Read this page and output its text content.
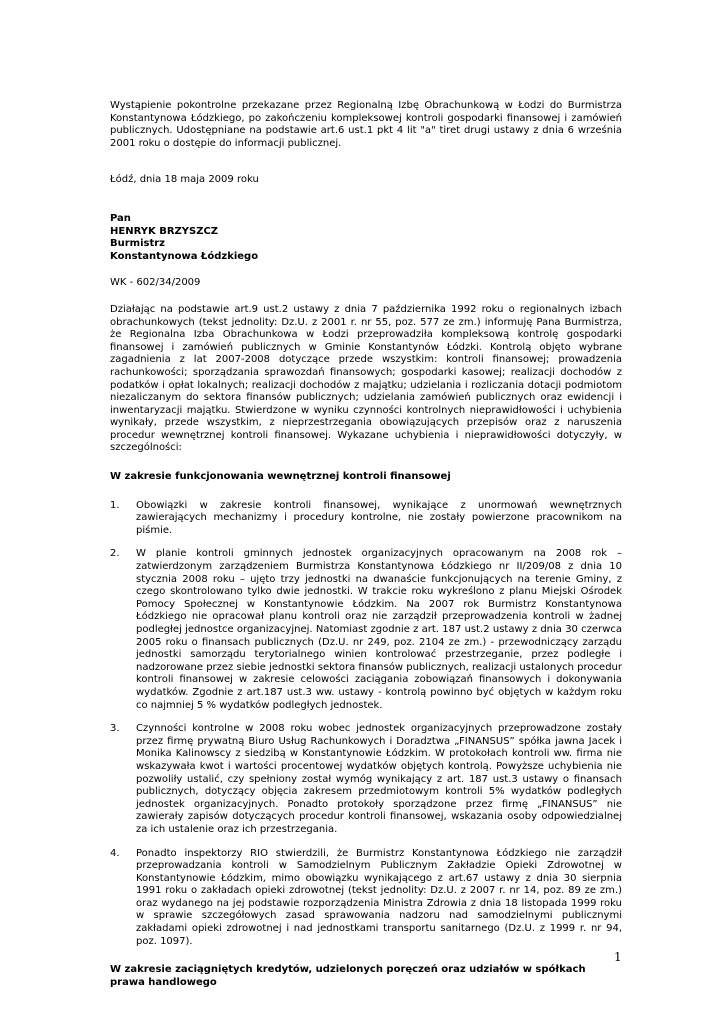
Wystąpienie pokontrolne przekazane przez Regionalną Izbę Obrachunkową w Łodzi do Burmistrza Konstantynowa Łódzkiego, po zakończeniu kompleksowej kontroli gospodarki finansowej i zamówień publicznych. Udostępniane na podstawie art.6 ust.1 pkt 4 lit "a" tiret drugi ustawy z dnia 6 września 2001 roku o dostępie do informacji publicznej.

Łódź, dnia 18 maja 2009 roku

Pan

HENRYK BRZYSZCZ

Burmistrz

Konstantynowa Łódzkiego

WK - 602/34/2009

Działając na podstawie art.9 ust.2 ustawy z dnia 7 października 1992 roku o regionalnych izbach obrachunkowych (tekst jednolity: Dz.U. z 2001 r. nr 55, poz. 577 ze zm.) informuję Pana Burmistrza, że Regionalna Izba Obrachunkowa w Łodzi przeprowadziła kompleksową kontrolę gospodarki finansowej i zamówień publicznych w Gminie Konstantynów Łódzki. Kontrolą objęto wybrane zagadnienia z lat 2007-2008 dotyczące przede wszystkim: kontroli finansowej; prowadzenia rachunkowości; sporządzania sprawozdań finansowych; gospodarki kasowej; realizacji dochodów z podatków i opłat lokalnych; realizacji dochodów z majątku; udzielania i rozliczania dotacji podmiotom niezaliczanym do sektora finansów publicznych; udzielania zamówień publicznych oraz ewidencji i inwentaryzacji majątku. Stwierdzone w wyniku czynności kontrolnych nieprawidłowości i uchybienia wynikały, przede wszystkim, z nieprzestrzegania obowiązujących przepisów oraz z naruszenia procedur wewnętrznej kontroli finansowej. Wykazane uchybienia i nieprawidłowości dotyczyły, w szczególności:

W zakresie funkcjonowania wewnętrznej kontroli finansowej

1.	Obowiązki w zakresie kontroli finansowej, wynikające z unormowań wewnętrznych zawierających mechanizmy i procedury kontrolne, nie zostały powierzone pracownikom na piśmie.
2.	W planie kontroli gminnych jednostek organizacyjnych opracowanym na 2008 rok – zatwierdzonym zarządzeniem Burmistrza Konstantynowa Łódzkiego nr II/209/08 z dnia 10 stycznia 2008 roku – ujęto trzy jednostki na dwanaście funkcjonujących na terenie Gminy, z czego skontrolowano tylko dwie jednostki. W trakcie roku wykreślono z planu Miejski Ośrodek Pomocy Społecznej w Konstantynowie Łódzkim. Na 2007 rok Burmistrz Konstantynowa Łódzkiego nie opracował planu kontroli oraz nie zarządził przeprowadzenia kontroli w żadnej podległej jednostce organizacyjnej. Natomiast zgodnie z art. 187 ust.2 ustawy z dnia 30 czerwca 2005 roku o finansach publicznych (Dz.U. nr 249, poz. 2104 ze zm.) - przewodniczący zarządu jednostki samorządu terytorialnego winien kontrolować przestrzeganie, przez podległe i nadzorowane przez siebie jednostki sektora finansów publicznych, realizacji ustalonych procedur kontroli finansowej w zakresie celowości zaciągania zobowiązań finansowych i dokonywania wydatków. Zgodnie z art.187 ust.3 ww. ustawy - kontrolą powinno być objętych w każdym roku co najmniej 5 % wydatków podległych jednostek.
3.	Czynności kontrolne w 2008 roku wobec jednostek organizacyjnych przeprowadzone zostały przez firmę prywatną Biuro Usług Rachunkowych i Doradztwa „FINANSUS” spółka jawna Jacek i Monika Kalinowscy z siedzibą w Konstantynowie Łódzkim. W protokołach kontroli ww. firma nie wskazywała kwot i wartości procentowej wydatków objętych kontrolą. Powyższe uchybienia nie pozwoliły ustalić, czy spełniony został wymóg wynikający z art. 187 ust.3 ustawy o finansach publicznych, dotyczący objęcia zakresem przedmiotowym kontroli 5% wydatków podległych jednostek organizacyjnych. Ponadto protokoły sporządzone przez firmę „FINANSUS” nie zawierały zapisów dotyczących procedur kontroli finansowej, wskazania osoby odpowiedzialnej za ich ustalenie oraz ich przestrzegania.
4.	Ponadto inspektorzy RIO stwierdzili, że Burmistrz Konstantynowa Łódzkiego nie zarządził przeprowadzania kontroli w Samodzielnym Publicznym Zakładzie Opieki Zdrowotnej w Konstantynowie Łódzkim, mimo obowiązku wynikającego z art.67 ustawy z dnia 30 sierpnia 1991 roku o zakładach opieki zdrowotnej (tekst jednolity: Dz.U. z 2007 r. nr 14, poz. 89 ze zm.) oraz wydanego na jej podstawie rozporządzenia Ministra Zdrowia z dnia 18 listopada 1999 roku w sprawie szczegółowych zasad sprawowania nadzoru nad samodzielnymi publicznymi zakładami opieki zdrowotnej i nad jednostkami transportu sanitarnego (Dz.U. z 1999 r. nr 94, poz. 1097).

W zakresie zaciągniętych kredytów, udzielonych poręczeń oraz udziałów w spółkach prawa handlowego

1
